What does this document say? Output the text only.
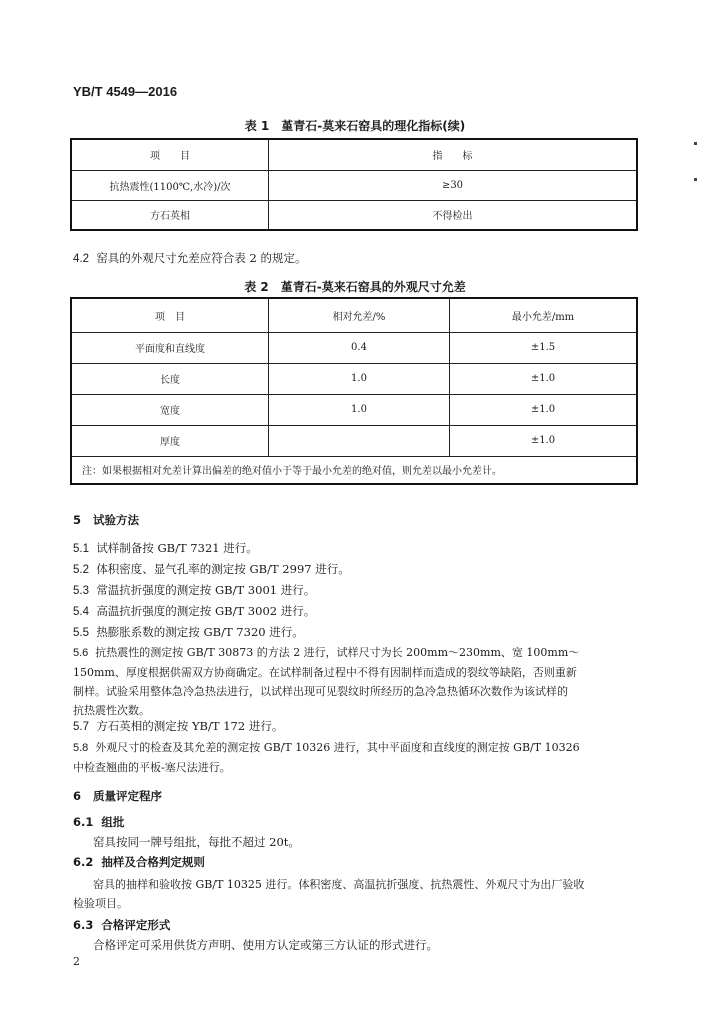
YB/T 4549—2016
表 1　堇青石-莫来石窑具的理化指标(续)
项　　目	指　　标
抗热震性(1100℃,水冷)/次	≥30
方石英相	不得检出
4.2 窑具的外观尺寸允差应符合表 2 的规定。
表 2　堇青石-莫来石窑具的外观尺寸允差
项　目	相对允差/%	最小允差/mm
平面度和直线度	0.4	±1.5
长度	1.0	±1.0
宽度	1.0	±1.0
厚度		±1.0
注：如果根据相对允差计算出偏差的绝对值小于等于最小允差的绝对值，则允差以最小允差计。		
5 试验方法
5.1 试样制备按 GB/T 7321 进行。
5.2 体积密度、显气孔率的测定按 GB/T 2997 进行。
5.3 常温抗折强度的测定按 GB/T 3001 进行。
5.4 高温抗折强度的测定按 GB/T 3002 进行。
5.5 热膨胀系数的测定按 GB/T 7320 进行。
5.6 抗热震性的测定按 GB/T 30873 的方法 2 进行，试样尺寸为长 200mm～230mm、宽 100mm～
150mm、厚度根据供需双方协商确定。在试样制备过程中不得有因制样而造成的裂纹等缺陷，否则重新
制样。试验采用整体急冷急热法进行，以试样出现可见裂纹时所经历的急冷急热循环次数作为该试样的
抗热震性次数。
5.7 方石英相的测定按 YB/T 172 进行。
5.8 外观尺寸的检查及其允差的测定按 GB/T 10326 进行，其中平面度和直线度的测定按 GB/T 10326
中检查翘曲的平板-塞尺法进行。
6 质量评定程序
6.1 组批
窑具按同一牌号组批，每批不超过 20t。
6.2 抽样及合格判定规则
窑具的抽样和验收按 GB/T 10325 进行。体积密度、高温抗折强度、抗热震性、外观尺寸为出厂验收
检验项目。
6.3 合格评定形式
合格评定可采用供货方声明、使用方认定或第三方认证的形式进行。
2
